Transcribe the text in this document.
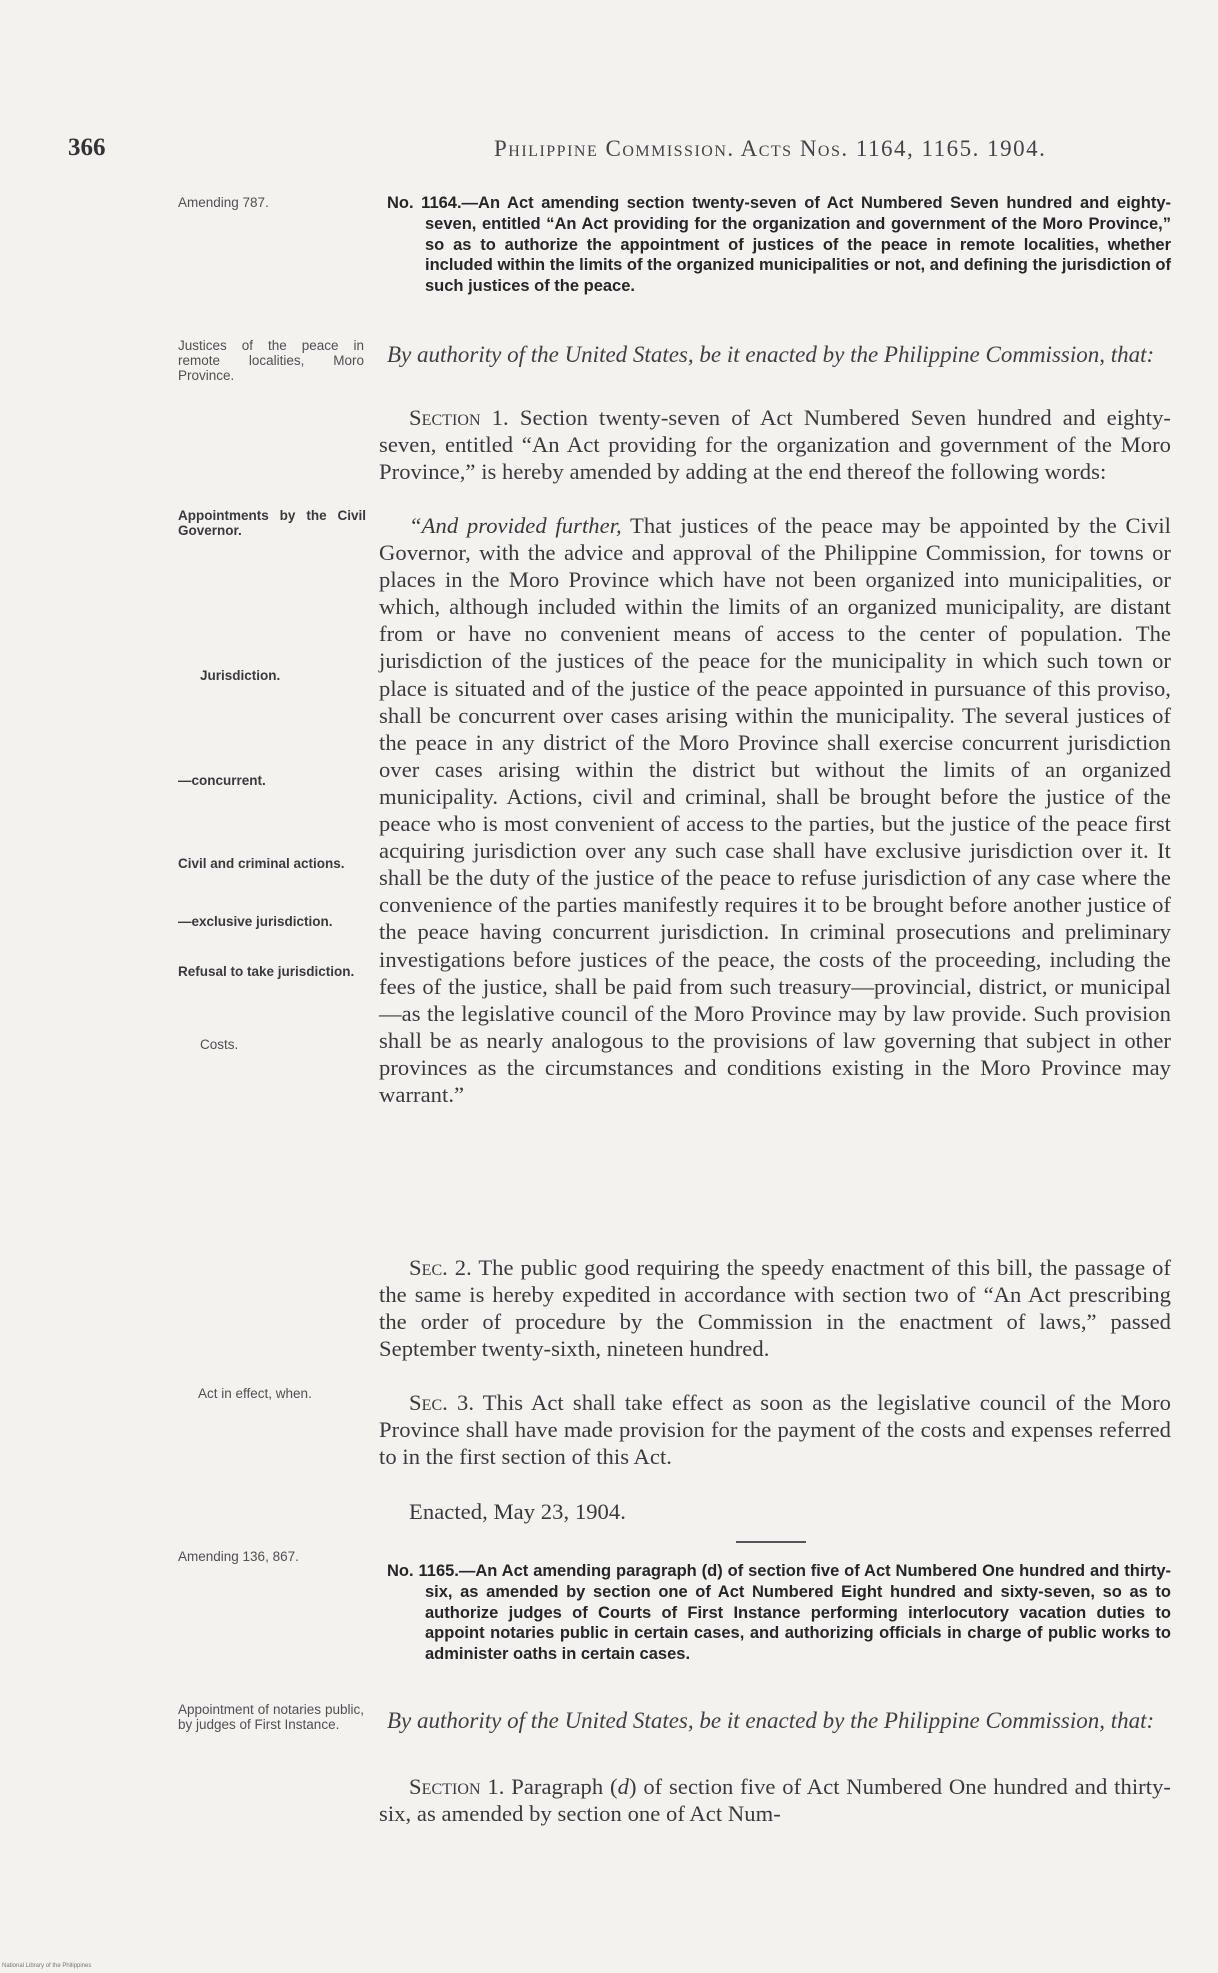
366	Philippine Commission. Acts Nos. 1164, 1165. 1904.
Amending 787.
Justices of the peace in remote localities, Moro Province.
Appointments by the Civil Governor.
Jurisdiction.
—concurrent.
Civil and criminal actions.
—exclusive jurisdiction.
Refusal to take jurisdiction.
Costs.
Act in effect, when.
Amending 136, 867.
Appointment of notaries public, by judges of First Instance.
No. 1164.—An Act amending section twenty-seven of Act Numbered Seven hundred and eighty-seven, entitled “An Act providing for the organization and government of the Moro Province,” so as to authorize the appointment of justices of the peace in remote localities, whether included within the limits of the organized municipalities or not, and defining the jurisdiction of such justices of the peace.
By authority of the United States, be it enacted by the Philippine Commission, that:
Section 1. Section twenty-seven of Act Numbered Seven hundred and eighty-seven, entitled “An Act providing for the organization and government of the Moro Province,” is hereby amended by adding at the end thereof the following words:
“And provided further, That justices of the peace may be appointed by the Civil Governor, with the advice and approval of the Philippine Commission, for towns or places in the Moro Province which have not been organized into municipalities, or which, although included within the limits of an organized municipality, are distant from or have no convenient means of access to the center of population. The jurisdiction of the justices of the peace for the municipality in which such town or place is situated and of the justice of the peace appointed in pursuance of this proviso, shall be concurrent over cases arising within the municipality. The several justices of the peace in any district of the Moro Province shall exercise concurrent jurisdiction over cases arising within the district but without the limits of an organized municipality. Actions, civil and criminal, shall be brought before the justice of the peace who is most convenient of access to the parties, but the justice of the peace first acquiring jurisdiction over any such case shall have exclusive jurisdiction over it. It shall be the duty of the justice of the peace to refuse jurisdiction of any case where the convenience of the parties manifestly requires it to be brought before another justice of the peace having concurrent jurisdiction. In criminal prosecutions and preliminary investigations before justices of the peace, the costs of the proceeding, including the fees of the justice, shall be paid from such treasury—provincial, district, or municipal—as the legislative council of the Moro Province may by law provide. Such provision shall be as nearly analogous to the provisions of law governing that subject in other provinces as the circumstances and conditions existing in the Moro Province may warrant.”
Sec. 2. The public good requiring the speedy enactment of this bill, the passage of the same is hereby expedited in accordance with section two of “An Act prescribing the order of procedure by the Commission in the enactment of laws,” passed September twenty-sixth, nineteen hundred.
Sec. 3. This Act shall take effect as soon as the legislative council of the Moro Province shall have made provision for the payment of the costs and expenses referred to in the first section of this Act.
Enacted, May 23, 1904.
No. 1165.—An Act amending paragraph (d) of section five of Act Numbered One hundred and thirty-six, as amended by section one of Act Numbered Eight hundred and sixty-seven, so as to authorize judges of Courts of First Instance performing interlocutory vacation duties to appoint notaries public in certain cases, and authorizing officials in charge of public works to administer oaths in certain cases.
By authority of the United States, be it enacted by the Philippine Commission, that:
Section 1. Paragraph (d) of section five of Act Numbered One hundred and thirty-six, as amended by section one of Act Num-
National Library of the Philippines
